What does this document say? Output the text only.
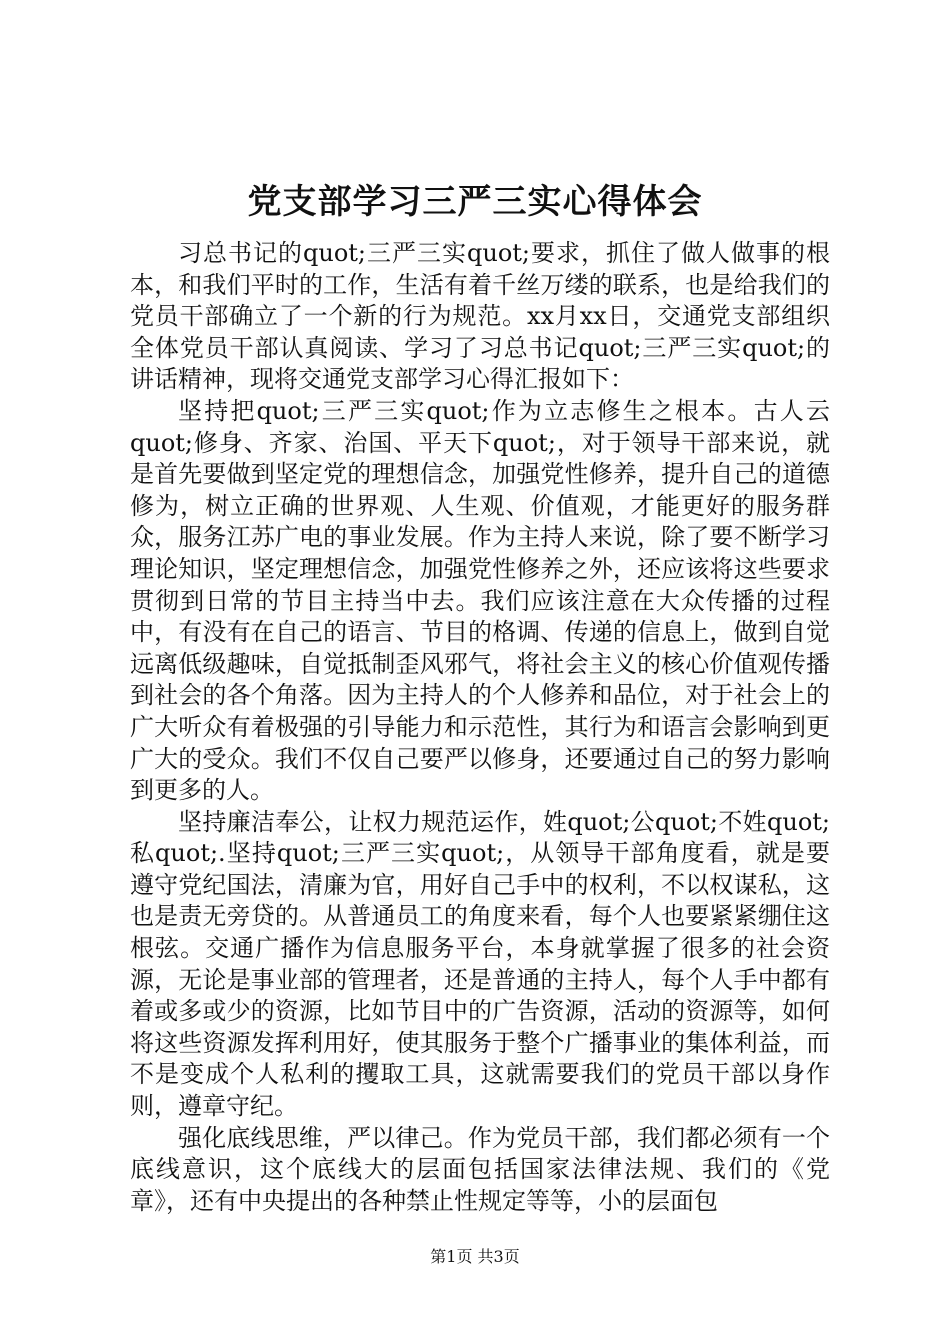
党支部学习三严三实心得体会

习总书记的quot;三严三实quot;要求，抓住了做人做事的根本，和我们平时的工作，生活有着千丝万缕的联系，也是给我们的党员干部确立了一个新的行为规范。xx月xx日，交通党支部组织全体党员干部认真阅读、学习了习总书记quot;三严三实quot;的讲话精神，现将交通党支部学习心得汇报如下：

坚持把quot;三严三实quot;作为立志修生之根本。古人云quot;修身、齐家、治国、平天下quot;，对于领导干部来说，就是首先要做到坚定党的理想信念，加强党性修养，提升自己的道德修为，树立正确的世界观、人生观、价值观，才能更好的服务群众，服务江苏广电的事业发展。作为主持人来说，除了要不断学习理论知识，坚定理想信念，加强党性修养之外，还应该将这些要求贯彻到日常的节目主持当中去。我们应该注意在大众传播的过程中，有没有在自己的语言、节目的格调、传递的信息上，做到自觉远离低级趣味，自觉抵制歪风邪气，将社会主义的核心价值观传播到社会的各个角落。因为主持人的个人修养和品位，对于社会上的广大听众有着极强的引导能力和示范性，其行为和语言会影响到更广大的受众。我们不仅自己要严以修身，还要通过自己的努力影响到更多的人。

坚持廉洁奉公，让权力规范运作，姓quot;公quot;不姓quot;私quot;.坚持quot;三严三实quot;，从领导干部角度看，就是要遵守党纪国法，清廉为官，用好自己手中的权利，不以权谋私，这也是责无旁贷的。从普通员工的角度来看，每个人也要紧紧绷住这根弦。交通广播作为信息服务平台，本身就掌握了很多的社会资源，无论是事业部的管理者，还是普通的主持人，每个人手中都有着或多或少的资源，比如节目中的广告资源，活动的资源等，如何将这些资源发挥利用好，使其服务于整个广播事业的集体利益，而不是变成个人私利的攫取工具，这就需要我们的党员干部以身作则，遵章守纪。

强化底线思维，严以律己。作为党员干部，我们都必须有一个底线意识，这个底线大的层面包括国家法律法规、我们的《党章》，还有中央提出的各种禁止性规定等等，小的层面包

第1页 共3页
